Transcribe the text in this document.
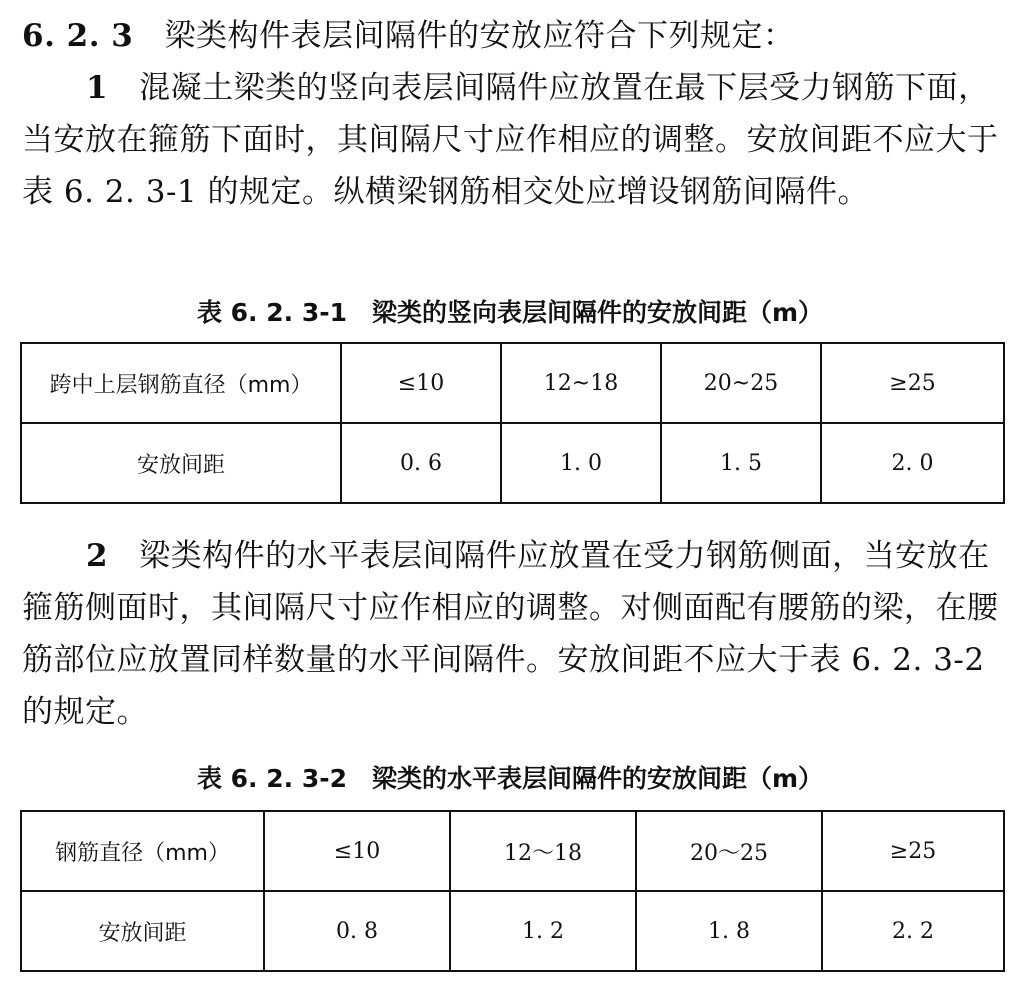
6. 2. 3 梁类构件表层间隔件的安放应符合下列规定：
1 混凝土梁类的竖向表层间隔件应放置在最下层受力钢筋下面，当安放在箍筋下面时，其间隔尺寸应作相应的调整。安放间距不应大于表 6. 2. 3-1 的规定。纵横梁钢筋相交处应增设钢筋间隔件。
表 6. 2. 3-1　梁类的竖向表层间隔件的安放间距（m）
跨中上层钢筋直径（mm）	≤10	12~18	20~25	≥25
安放间距	0. 6	1. 0	1. 5	2. 0
2 梁类构件的水平表层间隔件应放置在受力钢筋侧面，当安放在箍筋侧面时，其间隔尺寸应作相应的调整。对侧面配有腰筋的梁，在腰筋部位应放置同样数量的水平间隔件。安放间距不应大于表 6. 2. 3-2 的规定。
表 6. 2. 3-2　梁类的水平表层间隔件的安放间距（m）
钢筋直径（mm）	≤10	12～18	20～25	≥25
安放间距	0. 8	1. 2	1. 8	2. 2
